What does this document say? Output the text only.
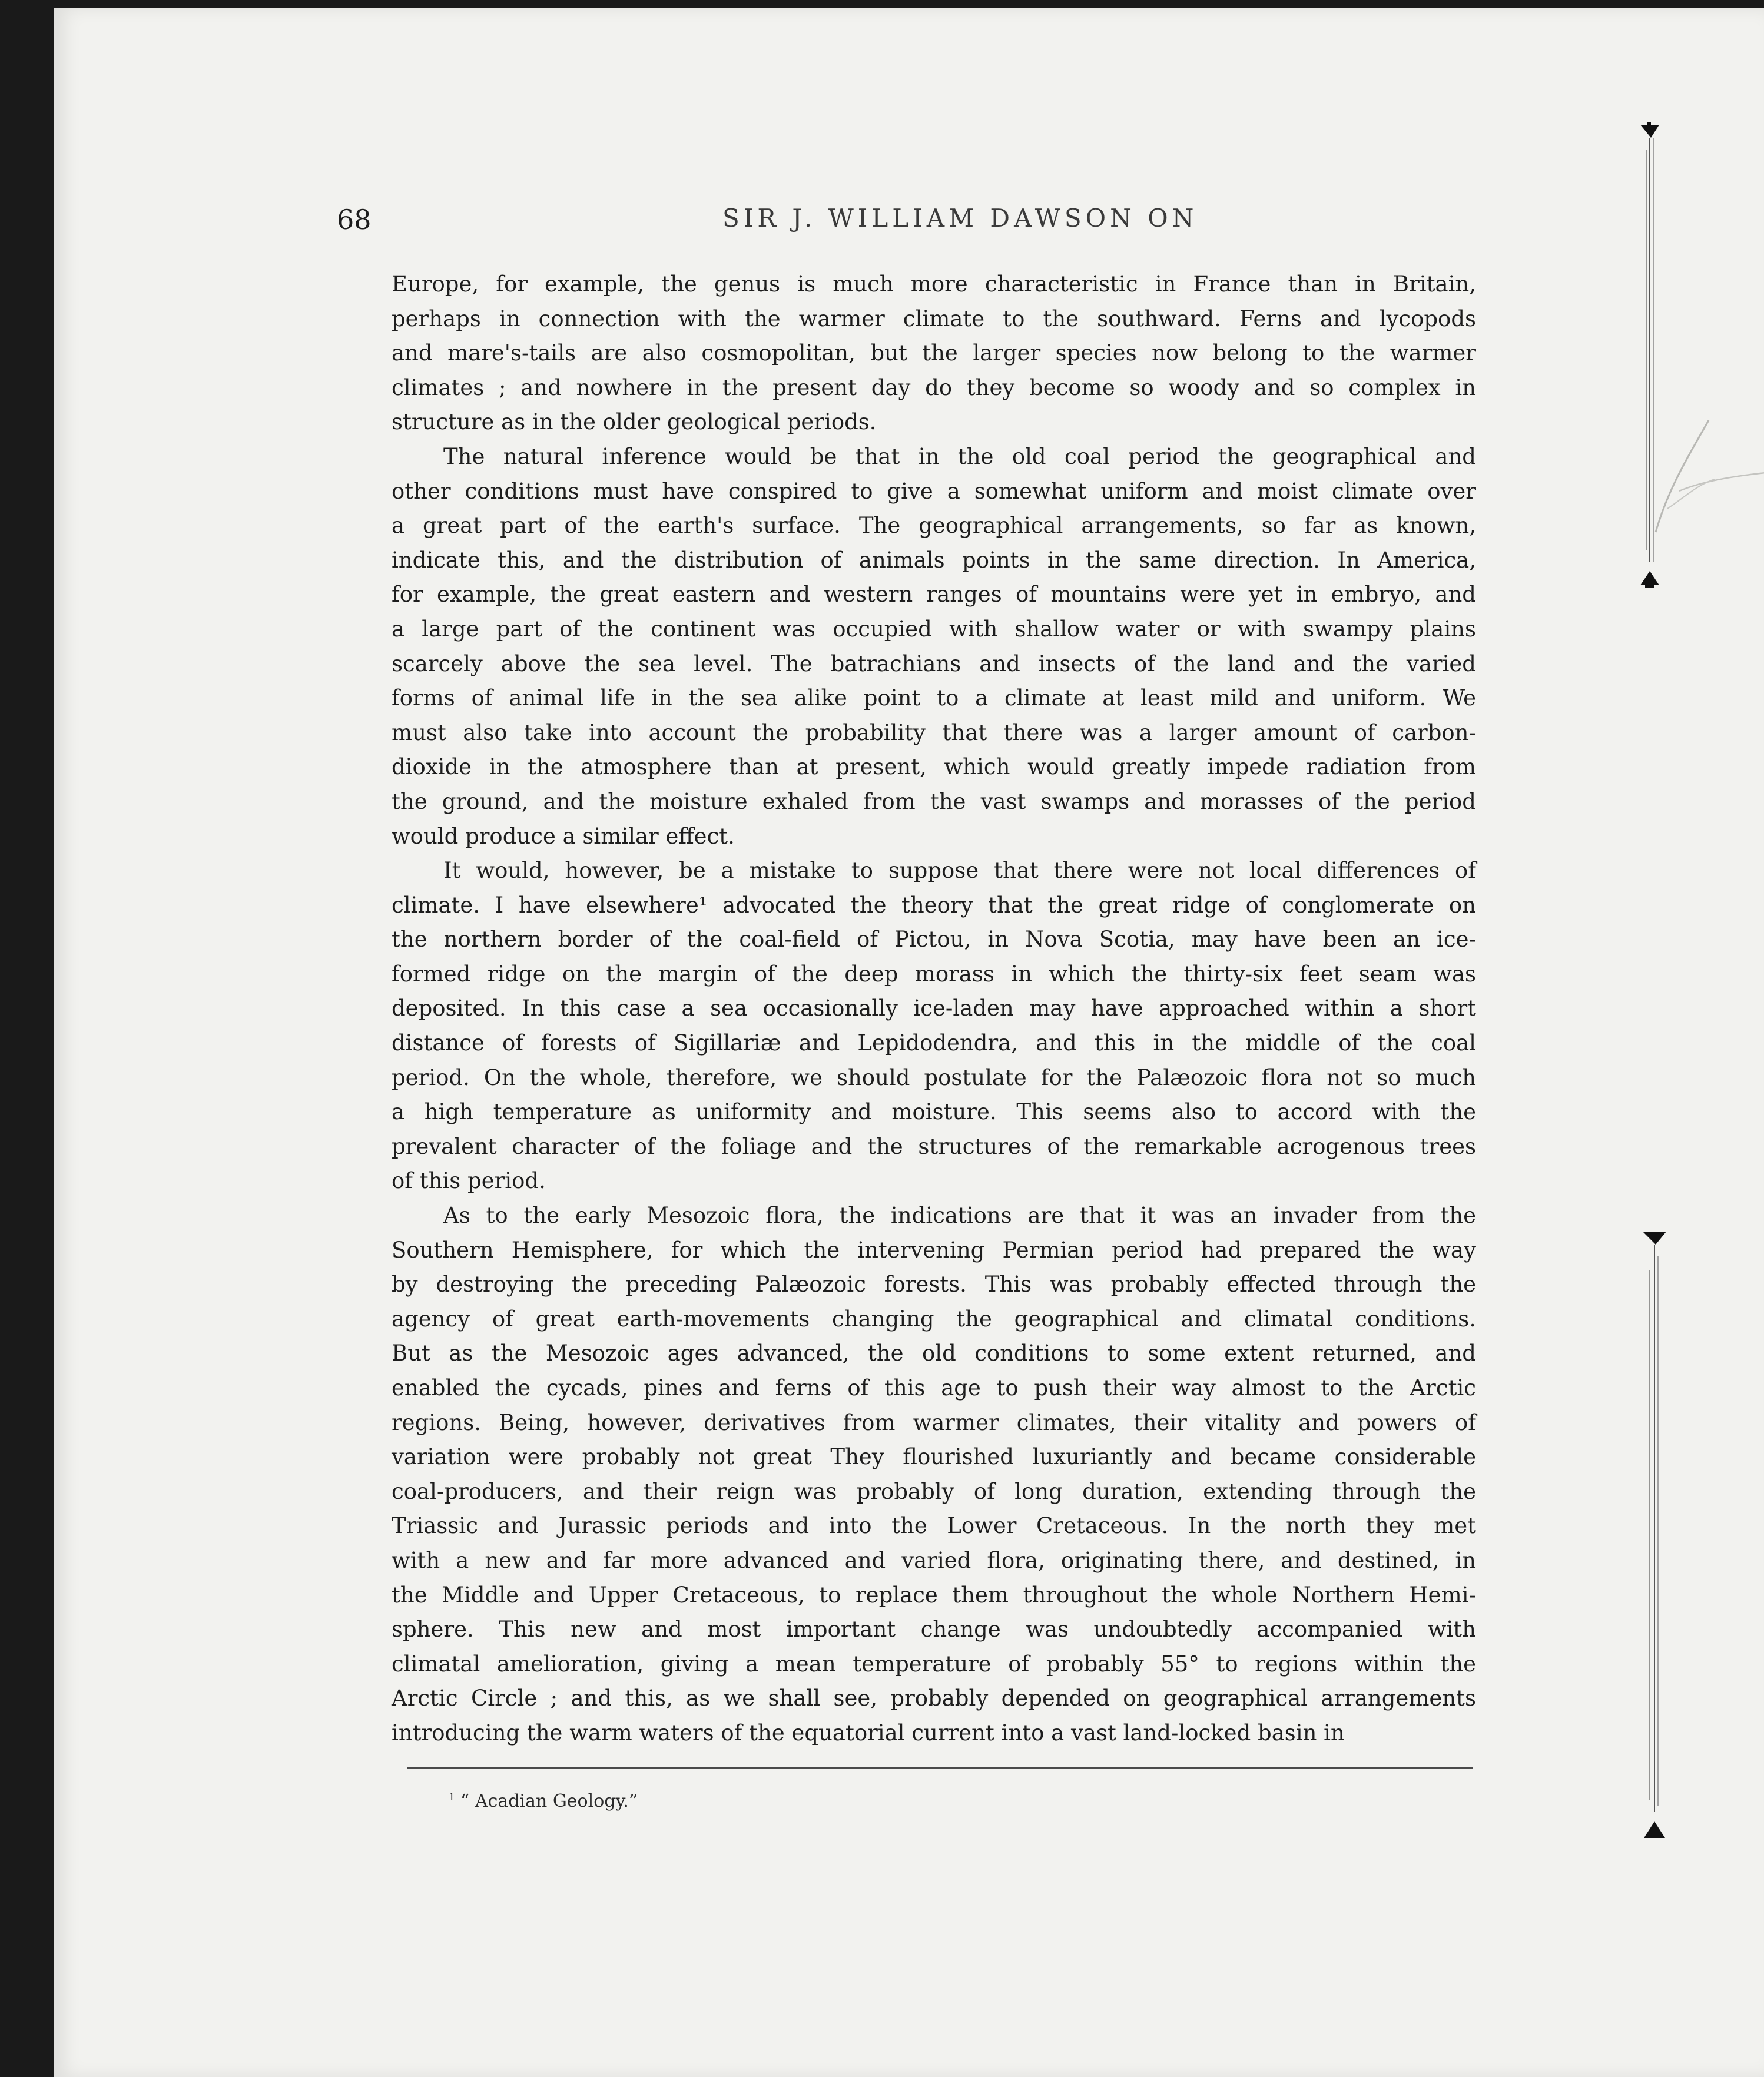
68	SIR J. WILLIAM DAWSON ON
Europe, for example, the genus is much more characteristic in France than in Britain,
perhaps in connection with the warmer climate to the southward. Ferns and lycopods
and mare's-tails are also cosmopolitan, but the larger species now belong to the warmer
climates ; and nowhere in the present day do they become so woody and so complex in
structure as in the older geological periods.
The natural inference would be that in the old coal period the geographical and
other conditions must have conspired to give a somewhat uniform and moist climate over
a great part of the earth's surface. The geographical arrangements, so far as known,
indicate this, and the distribution of animals points in the same direction. In America,
for example, the great eastern and western ranges of mountains were yet in embryo, and
a large part of the continent was occupied with shallow water or with swampy plains
scarcely above the sea level. The batrachians and insects of the land and the varied
forms of animal life in the sea alike point to a climate at least mild and uniform. We
must also take into account the probability that there was a larger amount of carbon-
dioxide in the atmosphere than at present, which would greatly impede radiation from
the ground, and the moisture exhaled from the vast swamps and morasses of the period
would produce a similar effect.
It would, however, be a mistake to suppose that there were not local differences of
climate. I have elsewhere¹ advocated the theory that the great ridge of conglomerate on
the northern border of the coal-field of Pictou, in Nova Scotia, may have been an ice-
formed ridge on the margin of the deep morass in which the thirty-six feet seam was
deposited. In this case a sea occasionally ice-laden may have approached within a short
distance of forests of Sigillariæ and Lepidodendra, and this in the middle of the coal
period. On the whole, therefore, we should postulate for the Palæozoic flora not so much
a high temperature as uniformity and moisture. This seems also to accord with the
prevalent character of the foliage and the structures of the remarkable acrogenous trees
of this period.
As to the early Mesozoic flora, the indications are that it was an invader from the
Southern Hemisphere, for which the intervening Permian period had prepared the way
by destroying the preceding Palæozoic forests. This was probably effected through the
agency of great earth-movements changing the geographical and climatal conditions.
But as the Mesozoic ages advanced, the old conditions to some extent returned, and
enabled the cycads, pines and ferns of this age to push their way almost to the Arctic
regions. Being, however, derivatives from warmer climates, their vitality and powers of
variation were probably not great They flourished luxuriantly and became considerable
coal-producers, and their reign was probably of long duration, extending through the
Triassic and Jurassic periods and into the Lower Cretaceous. In the north they met
with a new and far more advanced and varied flora, originating there, and destined, in
the Middle and Upper Cretaceous, to replace them throughout the whole Northern Hemi-
sphere. This new and most important change was undoubtedly accompanied with
climatal amelioration, giving a mean temperature of probably 55° to regions within the
Arctic Circle ; and this, as we shall see, probably depended on geographical arrangements
introducing the warm waters of the equatorial current into a vast land-locked basin in
$^1$ “ Acadian Geology.”
